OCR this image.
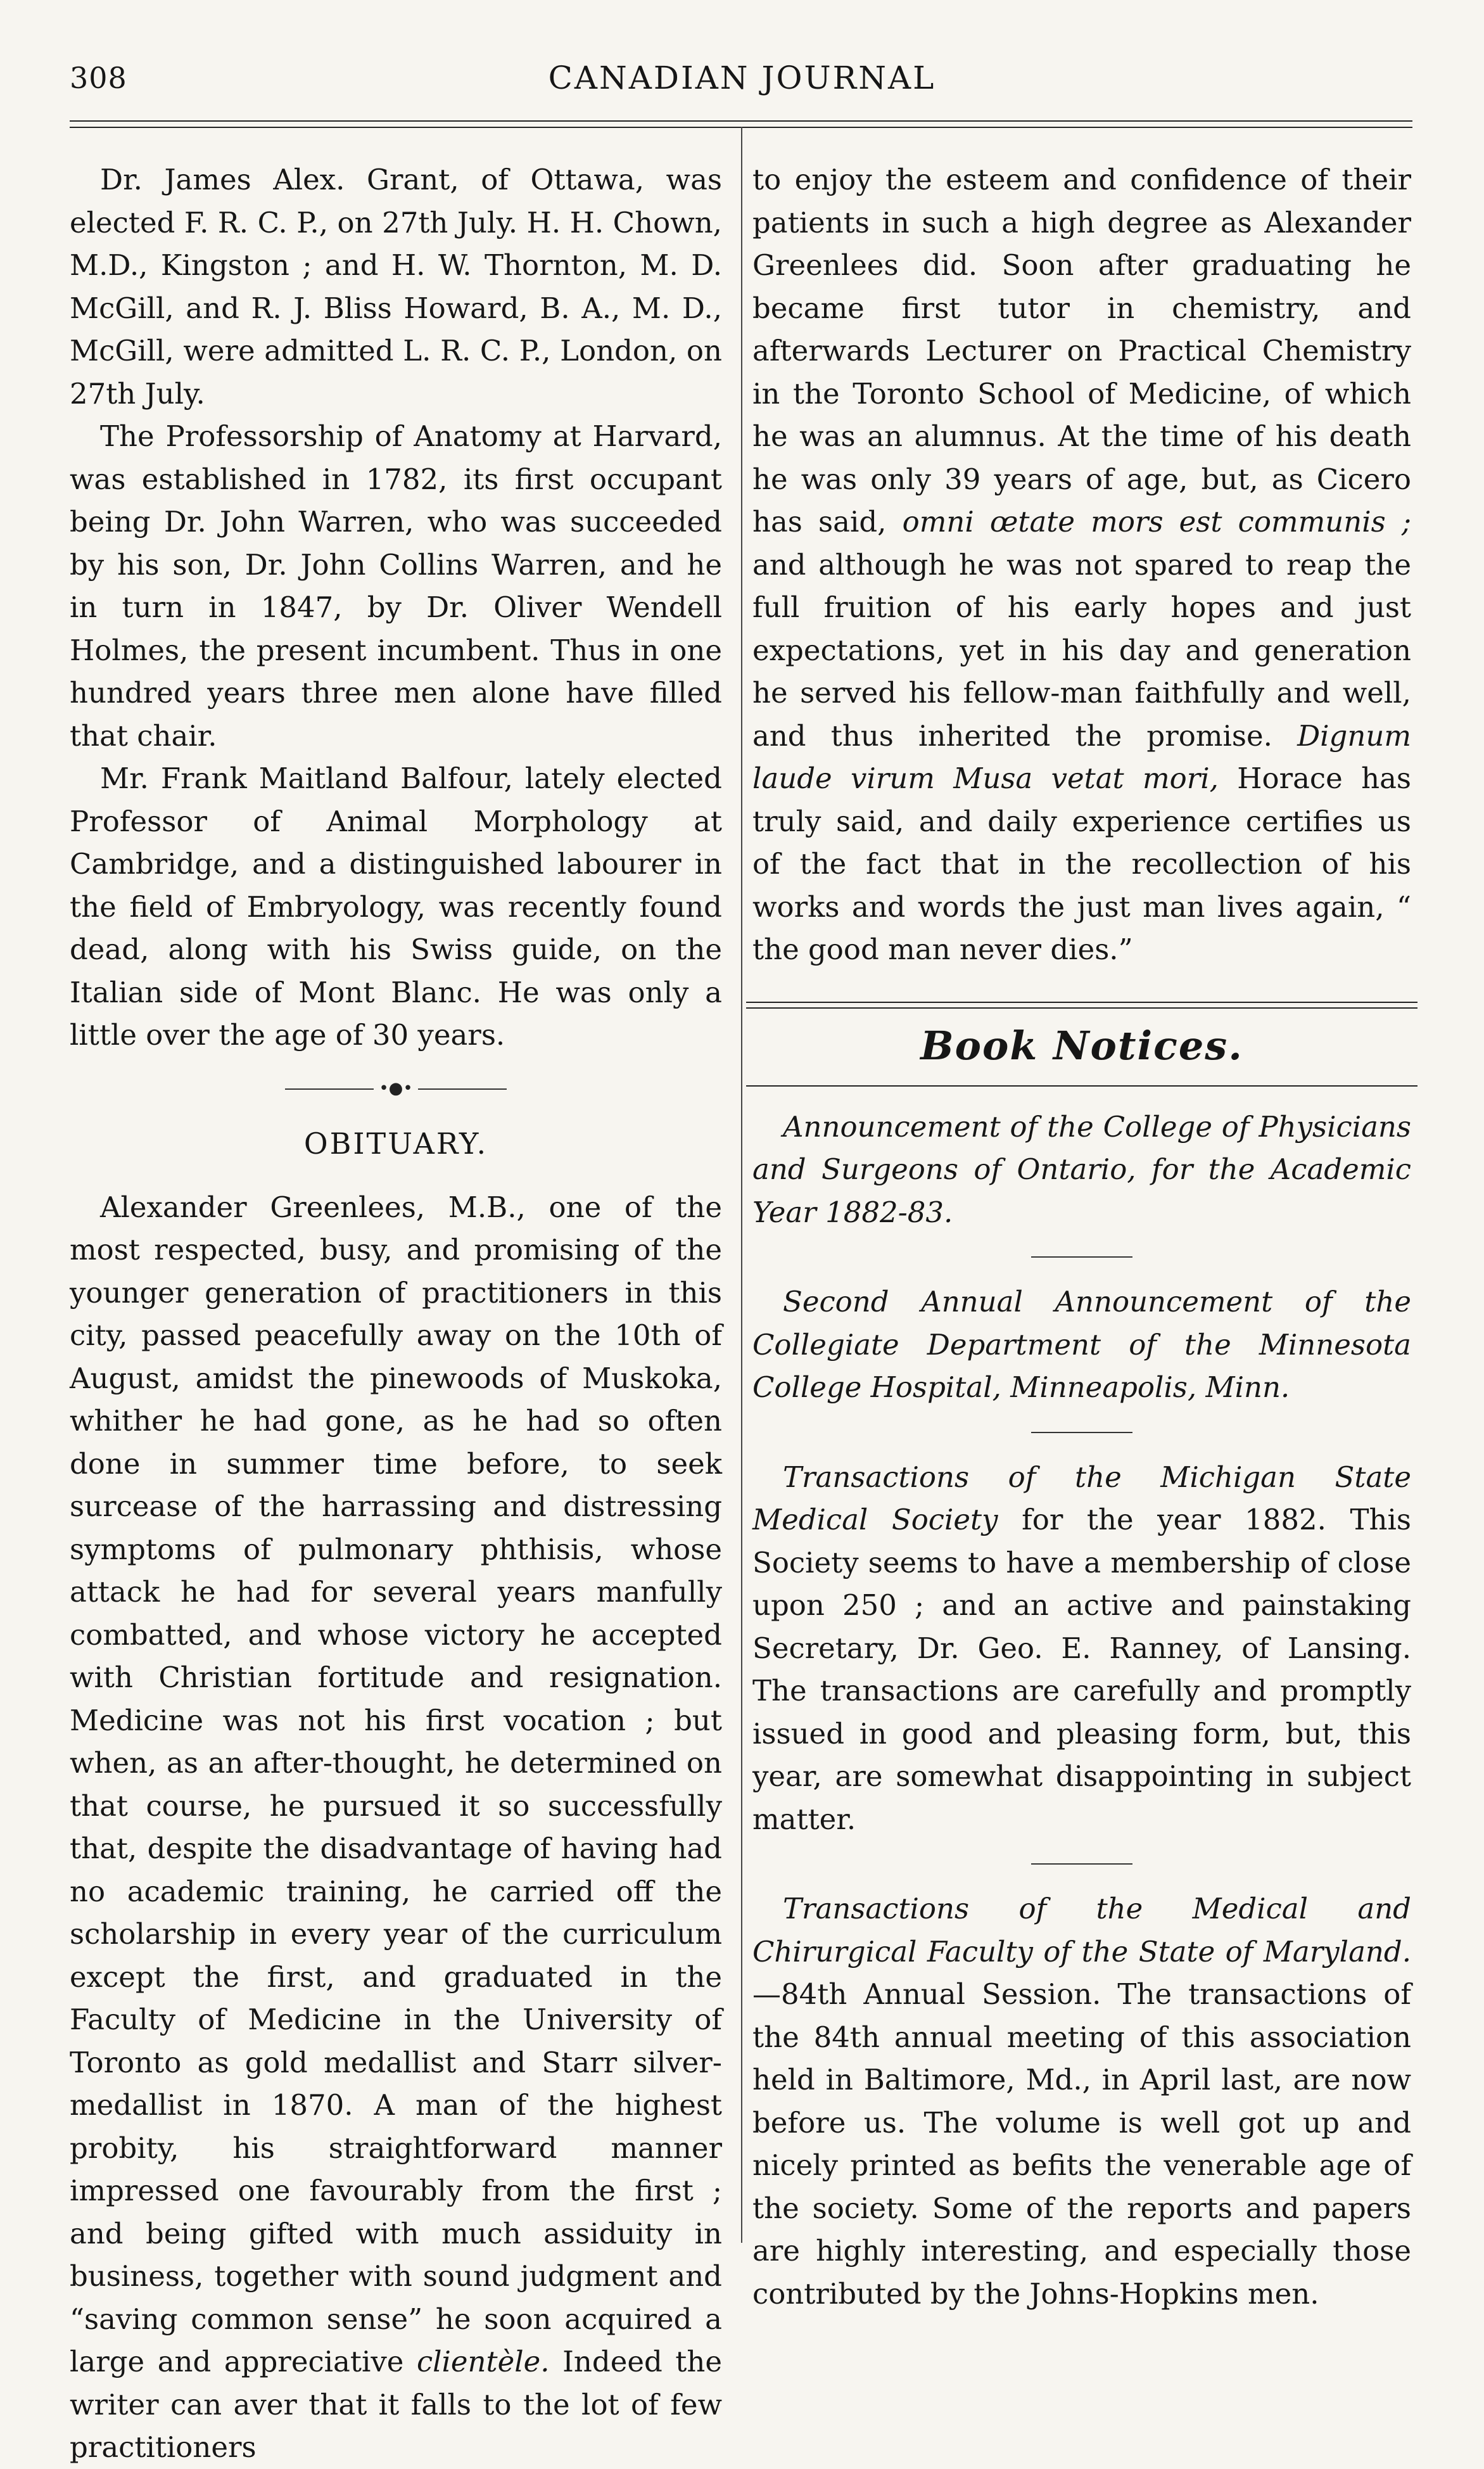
308	CANADIAN JOURNAL

Dr. James Alex. Grant, of Ottawa, was elected F. R. C. P., on 27th July. H. H. Chown, M.D., Kingston ; and H. W. Thornton, M. D. McGill, and R. J. Bliss Howard, B. A., M. D., McGill, were admitted L. R. C. P., London, on 27th July.

The Professorship of Anatomy at Harvard, was established in 1782, its first occupant being Dr. John Warren, who was succeeded by his son, Dr. John Collins Warren, and he in turn in 1847, by Dr. Oliver Wendell Holmes, the present incumbent. Thus in one hundred years three men alone have filled that chair.

Mr. Frank Maitland Balfour, lately elected Professor of Animal Morphology at Cambridge, and a distinguished labourer in the field of Embryology, was recently found dead, along with his Swiss guide, on the Italian side of Mont Blanc. He was only a little over the age of 30 years.

•●•

OBITUARY.

Alexander Greenlees, M.B., one of the most respected, busy, and promising of the younger generation of practitioners in this city, passed peacefully away on the 10th of August, amidst the pinewoods of Muskoka, whither he had gone, as he had so often done in summer time before, to seek surcease of the harrassing and distressing symptoms of pulmonary phthisis, whose attack he had for several years manfully combatted, and whose victory he accepted with Christian fortitude and resignation. Medicine was not his first vocation ; but when, as an after-thought, he determined on that course, he pursued it so successfully that, despite the disadvantage of having had no academic training, he carried off the scholarship in every year of the curriculum except the first, and graduated in the Faculty of Medicine in the University of Toronto as gold medallist and Starr silver-medallist in 1870. A man of the highest probity, his straightforward manner impressed one favourably from the first ; and being gifted with much assiduity in business, together with sound judgment and “saving common sense” he soon acquired a large and appreciative clientèle. Indeed the writer can aver that it falls to the lot of few practitioners

to enjoy the esteem and confidence of their patients in such a high degree as Alexander Greenlees did. Soon after graduating he became first tutor in chemistry, and afterwards Lecturer on Practical Chemistry in the Toronto School of Medicine, of which he was an alumnus. At the time of his death he was only 39 years of age, but, as Cicero has said, omni œtate mors est communis ; and although he was not spared to reap the full fruition of his early hopes and just expectations, yet in his day and generation he served his fellow-man faithfully and well, and thus inherited the promise. Dignum laude virum Musa vetat mori, Horace has truly said, and daily experience certifies us of the fact that in the recollection of his works and words the just man lives again, “ the good man never dies.”

Book Notices.

Announcement of the College of Physicians and Surgeons of Ontario, for the Academic Year 1882-83.

Second Annual Announcement of the Collegiate Department of the Minnesota College Hospital, Minneapolis, Minn.

Transactions of the Michigan State Medical Society for the year 1882. This Society seems to have a membership of close upon 250 ; and an active and painstaking Secretary, Dr. Geo. E. Ranney, of Lansing. The transactions are carefully and promptly issued in good and pleasing form, but, this year, are somewhat disappointing in subject matter.

Transactions of the Medical and Chirurgical Faculty of the State of Maryland.—84th Annual Session. The transactions of the 84th annual meeting of this association held in Baltimore, Md., in April last, are now before us. The volume is well got up and nicely printed as befits the venerable age of the society. Some of the reports and papers are highly interesting, and especially those contributed by the Johns-Hopkins men.
